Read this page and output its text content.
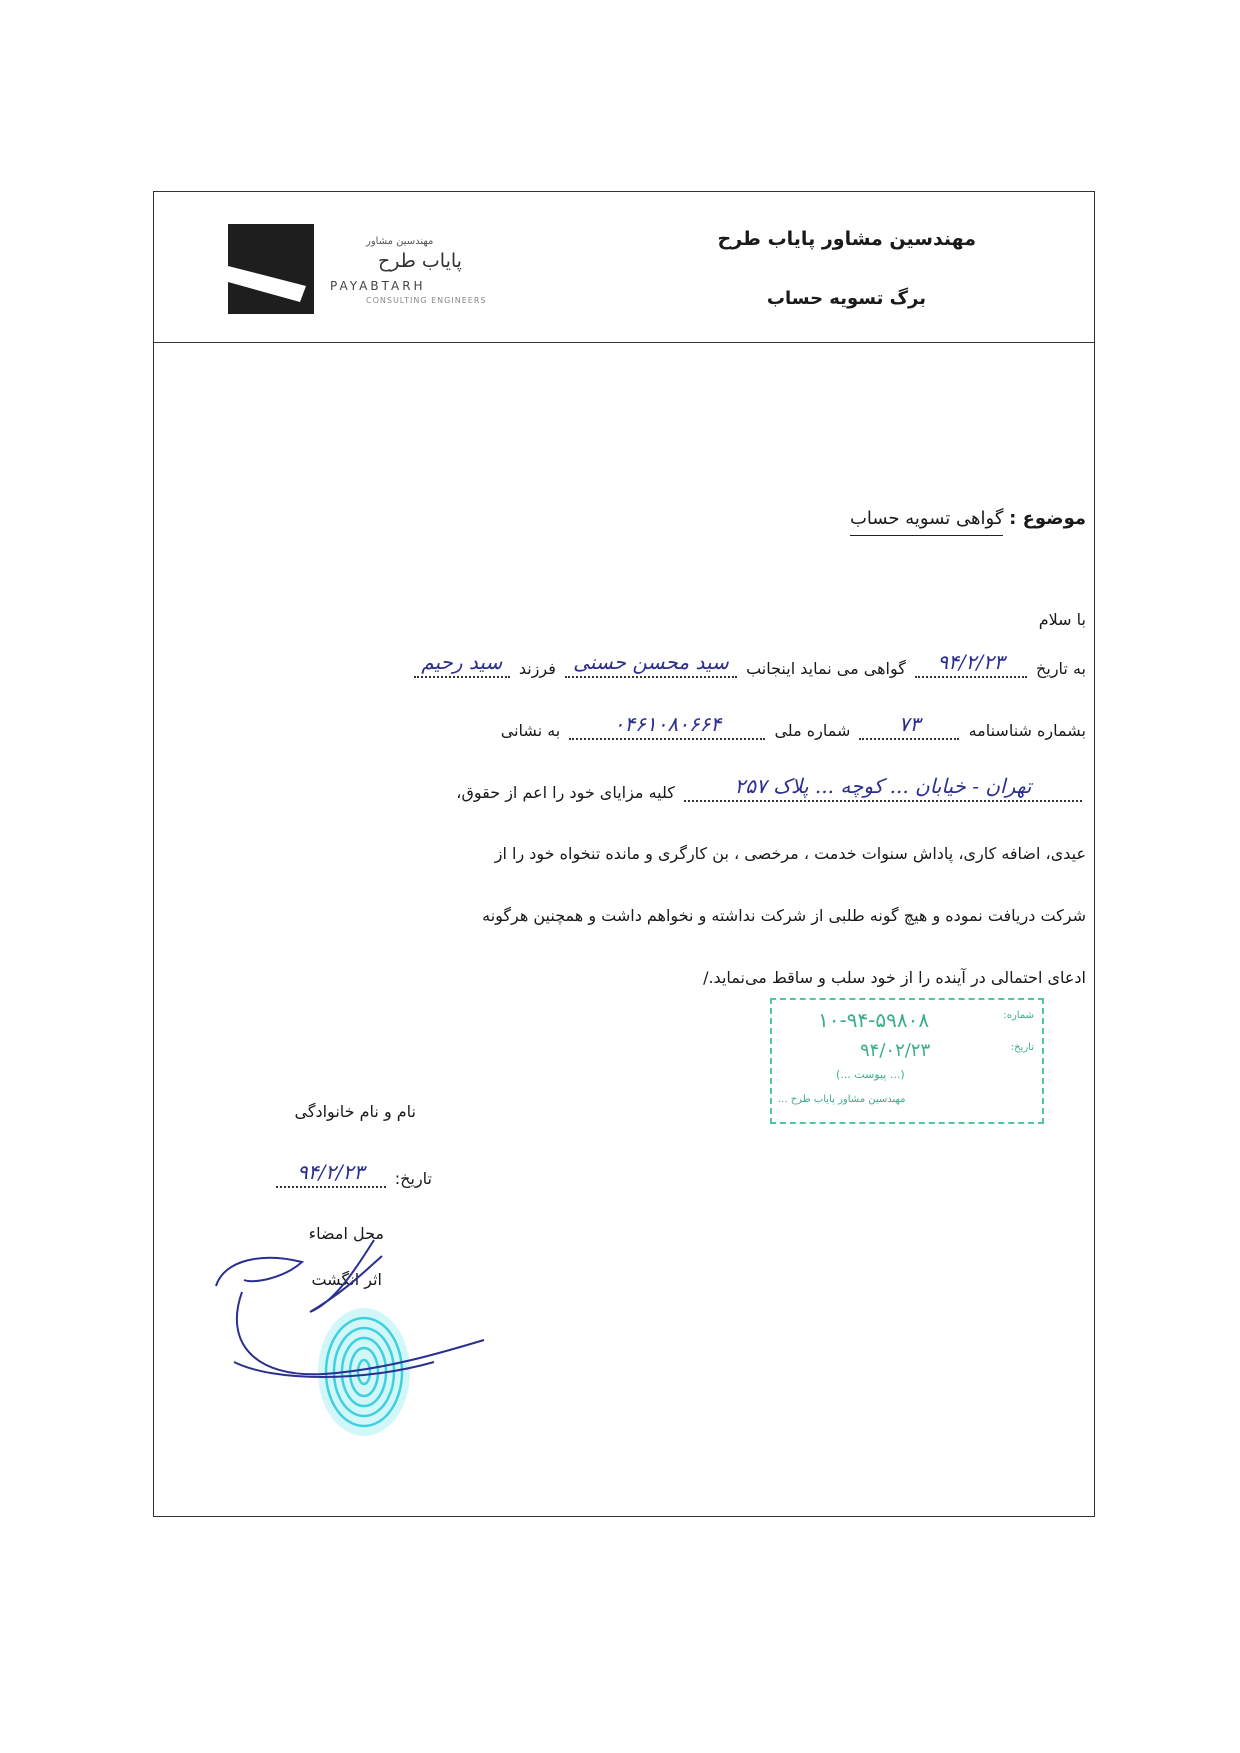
مهندسین مشاور
پایاب طرح
PAYABTARH
CONSULTING ENGINEERS
مهندسین مشاور پایاب طرح
برگ تسویه حساب
موضوع : گواهی تسویه حساب
با سلام
به تاریخ
۹۴/۲/۲۳
گواهی می نماید اینجانب
سید محسن حسنی
فرزند
سید رحیم
بشماره شناسنامه
۷۳
شماره ملی
۰۴۶۱۰۸۰۶۶۴
به نشانی
تهران - خیابان ... کوچه ... پلاک ۲۵۷
کلیه مزایای خود را اعم از حقوق،
عیدی، اضافه کاری، پاداش سنوات خدمت ، مرخصی ، بن کارگری و مانده تنخواه خود را از
شرکت دریافت نموده و هیچ گونه طلبی از شرکت نداشته و نخواهم داشت و همچنین هرگونه
ادعای احتمالی در آینده را از خود سلب و ساقط می‌نماید./
شماره:
۱۰-۹۴-۵۹۸۰۸
تاریخ:
۹۴/۰۲/۲۳
(... پیوست ...)
مهندسین مشاور پایاب طرح ...
نام و نام خانوادگی
تاریخ:
۹۴/۲/۲۳
محل امضاء
اثر انگشت
